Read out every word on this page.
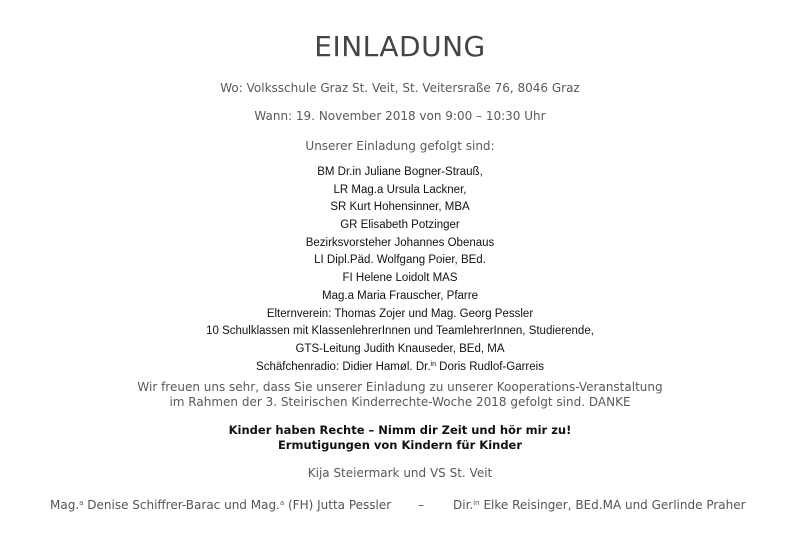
EINLADUNG
Wo: Volksschule Graz St. Veit, St. Veitersraße 76, 8046 Graz
Wann: 19. November 2018 von 9:00 – 10:30 Uhr
Unserer Einladung gefolgt sind:
BM Dr.in Juliane Bogner-Strauß,
LR Mag.a Ursula Lackner,
SR Kurt Hohensinner, MBA
GR Elisabeth Potzinger
Bezirksvorsteher Johannes Obenaus
LI Dipl.Päd. Wolfgang Poier, BEd.
FI Helene Loidolt MAS
Mag.a Maria Frauscher, Pfarre
Elternverein: Thomas Zojer und Mag. Georg Pessler
10 Schulklassen mit KlassenlehrerInnen und TeamlehrerInnen, Studierende,
GTS-Leitung Judith Knauseder, BEd, MA
Schäfchenradio: Didier Hamøl. Dr.$^{in}$ Doris Rudlof-Garreis
Wir freuen uns sehr, dass Sie unserer Einladung zu unserer Kooperations-Veranstaltung
im Rahmen der 3. Steirischen Kinderrechte-Woche 2018 gefolgt sind. DANKE
Kinder haben Rechte – Nimm dir Zeit und hör mir zu!
Ermutigungen von Kindern für Kinder
Kija Steiermark und VS St. Veit
Mag.$^a$ Denise Schiffrer-Barac und Mag.$^a$ (FH) Jutta Pessler – Dir.$^{in}$ Elke Reisinger, BEd.MA und Gerlinde Praher
